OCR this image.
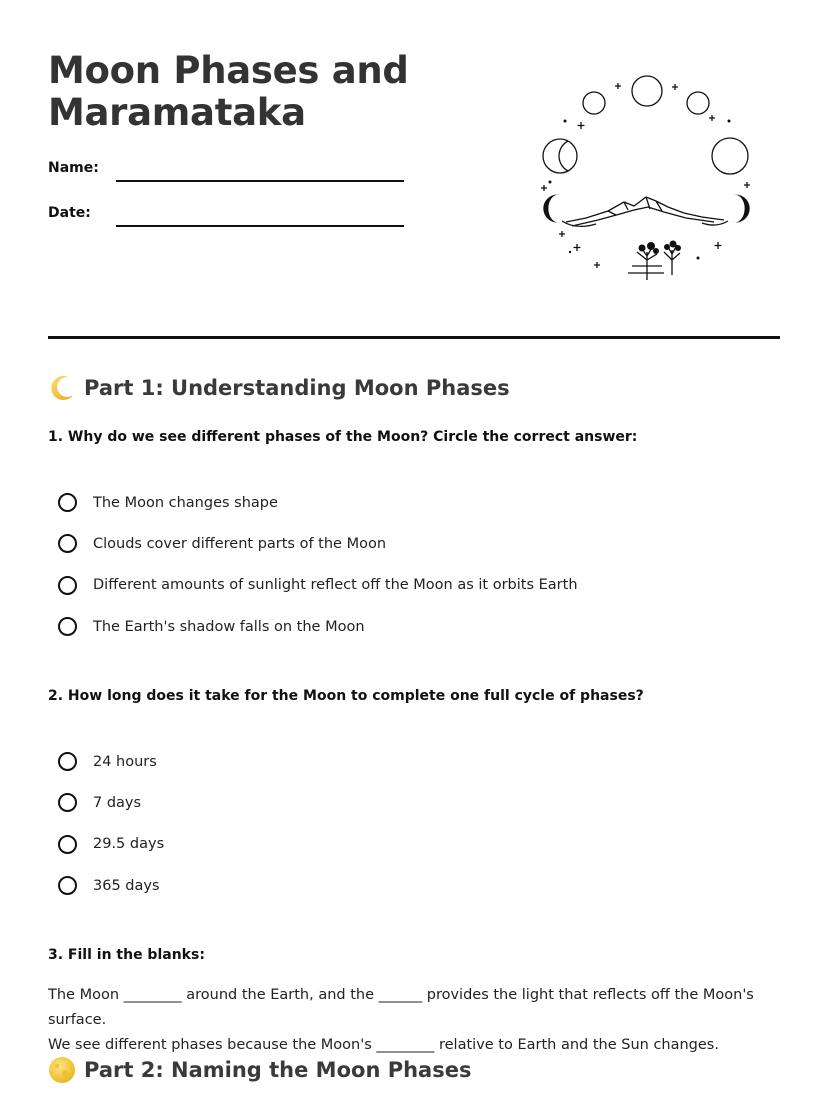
Moon Phases and Maramataka
Name:
Date:
Part 1: Understanding Moon Phases

1. Why do we see different phases of the Moon? Circle the correct answer:

The Moon changes shape
Clouds cover different parts of the Moon
Different amounts of sunlight reflect off the Moon as it orbits Earth
The Earth's shadow falls on the Moon

2. How long does it take for the Moon to complete one full cycle of phases?

24 hours
7 days
29.5 days
365 days

3. Fill in the blanks:

The Moon ________ around the Earth, and the ______ provides the light that reflects off the Moon's surface.
We see different phases because the Moon's ________ relative to Earth and the Sun changes.

Part 2: Naming the Moon Phases
